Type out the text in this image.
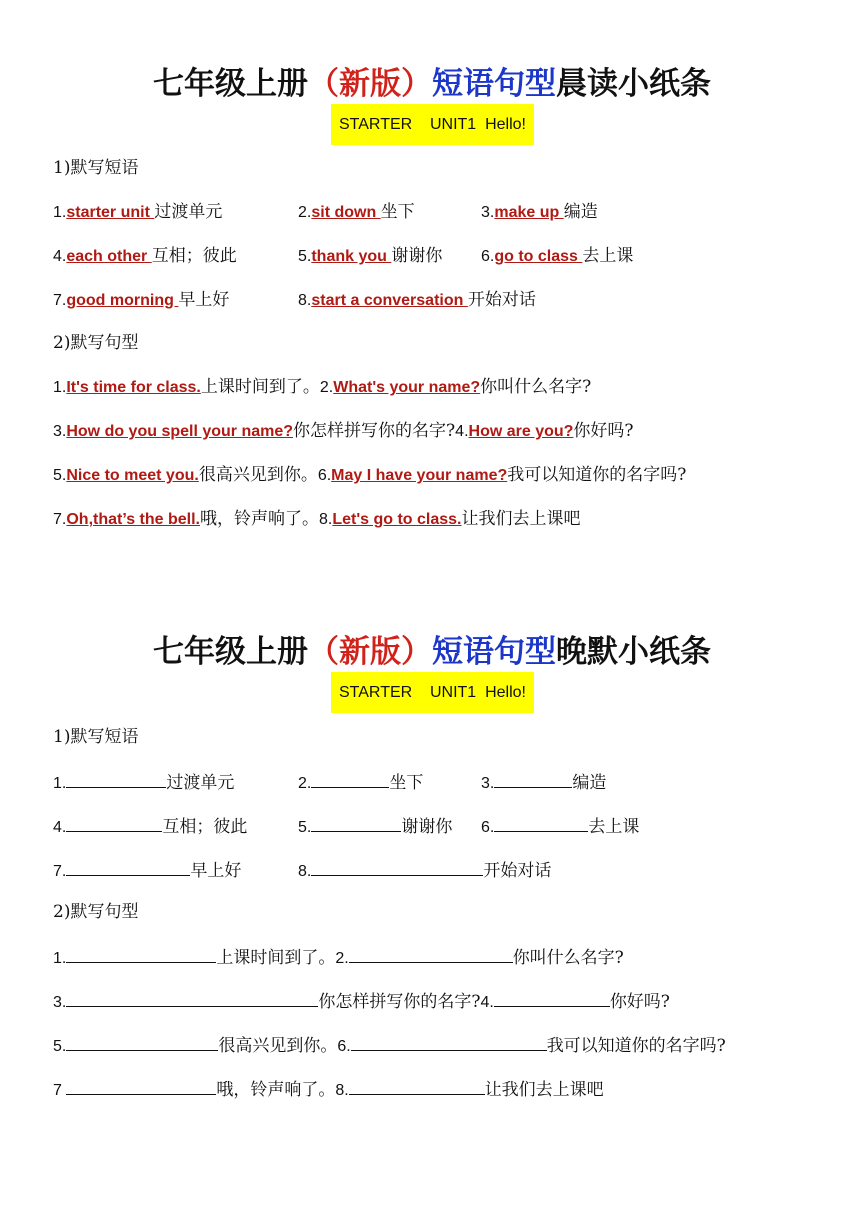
七年级上册（新版）短语句型晨读小纸条
STARTER    UNIT1  Hello!
1)默写短语
1.starter unit 过渡单元	2.sit down 坐下	3.make up 编造
4.each other 互相；彼此	5.thank you 谢谢你 6.go to class 去上课
7.good morning 早上好	8.start a conversation 开始对话
2)默写句型
1.It's time for class.上课时间到了。2.What's your name?你叫什么名字?
3.How do you spell your name?你怎样拼写你的名字?4.How are you?你好吗?
5.Nice to meet you.很高兴见到你。6.May I have your name?我可以知道你的名字吗?
7.Oh,that’s the bell.哦，铃声响了。8.Let's go to class.让我们去上课吧
七年级上册（新版）短语句型晚默小纸条
STARTER    UNIT1  Hello!
1)默写短语
1.	过渡单元	2.	坐下	3.	编造
4.	互相；彼此	5.	谢谢你 6.	去上课
7.	早上好	8.	开始对话
2)默写句型
1.	上课时间到了。2.	你叫什么名字?
3.	你怎样拼写你的名字?4.	你好吗?
5.	很高兴见到你。6.	我可以知道你的名字吗?
7	哦，铃声响了。8.	让我们去上课吧
